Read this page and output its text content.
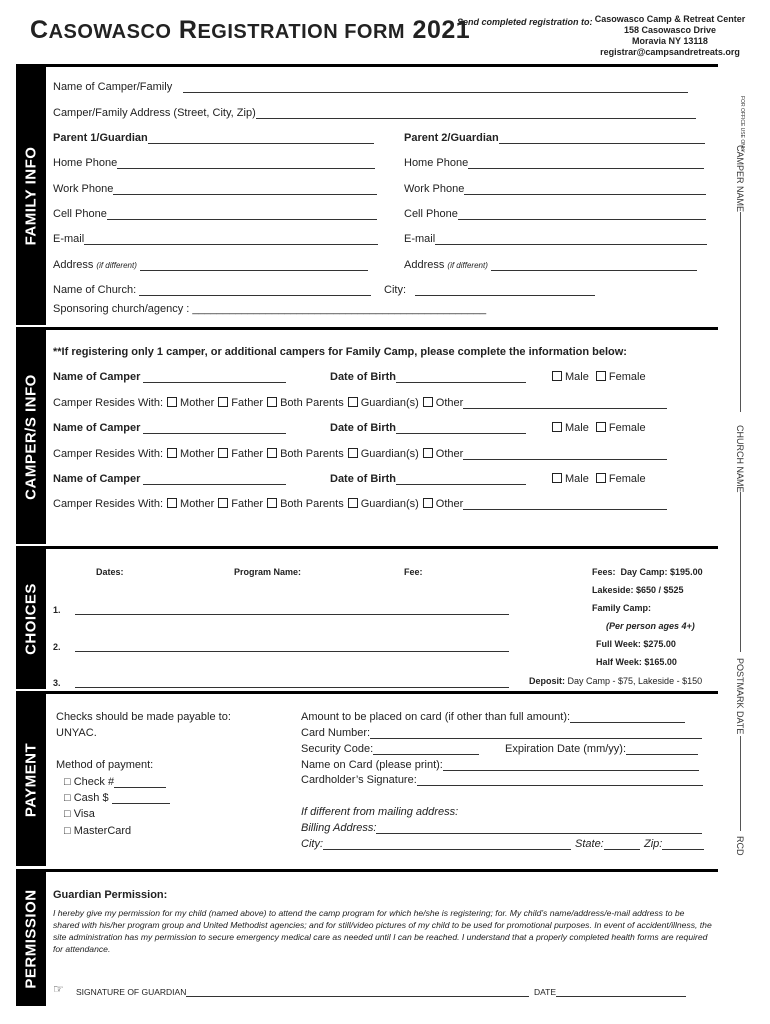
CASOWASCO REGISTRATION FORM 2021
Send completed registration to: Casowasco Camp & Retreat Center
158 Casowasco Drive
Moravia NY 13118
registrar@campsandretreats.org
FOR OFFICE USE ONLY
CAMPER NAME
CHURCH NAME
POSTMARK DATE
RCD
FAMILY INFO
Name of Camper/Family
Camper/Family Address (Street, City, Zip)
Parent 1/Guardian	Parent 2/Guardian
Home Phone	Home Phone
Work Phone	Work Phone
Cell Phone	Cell Phone
E-mail	E-mail
Address (if different)	Address (if different)
Name of Church:	City:
Sponsoring church/agency : ________________________________________________
CAMPER/S INFO
**If registering only 1 camper, or additional campers for Family Camp, please complete the information below:
Name of Camper	Date of Birth	Male Female
Camper Resides With: Mother Father Both Parents Guardian(s) Other
Name of Camper	Date of Birth	Male Female
Camper Resides With: Mother Father Both Parents Guardian(s) Other
Name of Camper	Date of Birth	Male Female
Camper Resides With: Mother Father Both Parents Guardian(s) Other
CHOICES
Dates:	Program Name:	Fee:
1.
2.
3.
Fees: Day Camp: $195.00
Lakeside: $650 / $525
Family Camp:
(Per person ages 4+)
Full Week: $275.00
Half Week: $165.00
Deposit: Day Camp - $75, Lakeside - $150
PAYMENT
Checks should be made payable to:
UNYAC.
Method of payment:
□ Check #
□ Cash $
□ Visa
□ MasterCard
Amount to be placed on card (if other than full amount):
Card Number:
Security Code:	Expiration Date (mm/yy):
Name on Card (please print):
Cardholder’s Signature:
If different from mailing address:
Billing Address:
City:	State:	Zip:
PERMISSION Guardian Permission:
I hereby give my permission for my child (named above) to attend the camp program for which he/she is registering; for. My child’s name/address/e-mail address to be shared with his/her program group and United Methodist agencies; and for still/video pictures of my child to be used for promotional purposes. In event of accident/illness, the site administration has my permission to secure emergency medical care as needed until I can be reached. I understand that a properly completed health forms are required for attendance.
☞ SIGNATURE OF GUARDIAN	DATE
